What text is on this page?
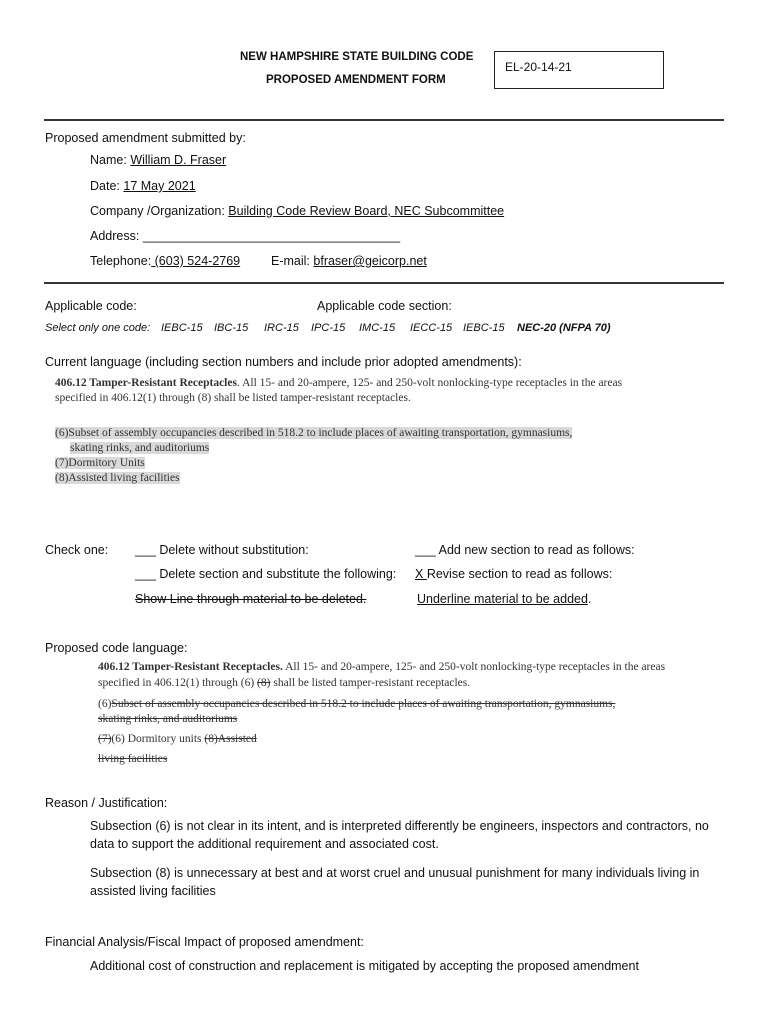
NEW HAMPSHIRE STATE BUILDING CODE
PROPOSED AMENDMENT FORM
EL-20-14-21
Proposed amendment submitted by:
Name: William D. Fraser
Date: 17 May 2021
Company /Organization: Building Code Review Board, NEC Subcommittee
Address: _____________________________________
Telephone: (603) 524-2769 E-mail: bfraser@geicorp.net
Applicable code:	Applicable code section:
Select only one code: IEBC-15 IBC-15 IRC-15 IPC-15 IMC-15 IECC-15 IEBC-15 NEC-20 (NFPA 70)
Current language (including section numbers and include prior adopted amendments):
406.12 Tamper-Resistant Receptacles. All 15- and 20-ampere, 125- and 250-volt nonlocking-type receptacles in the areas
specified in 406.12(1) through (8) shall be listed tamper-resistant receptacles.
(6)Subset of assembly occupancies described in 518.2 to include places of awaiting transportation, gymnasiums,
skating rinks, and auditoriums
(7)Dormitory Units
(8)Assisted living facilities
Check one: ___ Delete without substitution:	___ Add new section to read as follows:
___ Delete section and substitute the following: X Revise section to read as follows:
Show Line through material to be deleted.	Underline material to be added.
Proposed code language:
406.12 Tamper-Resistant Receptacles. All 15- and 20-ampere, 125- and 250-volt nonlocking-type receptacles in the areas
specified in 406.12(1) through (6) (8) shall be listed tamper-resistant receptacles.
(6)Subset of assembly occupancies described in 518.2 to include places of awaiting transportation, gymnasiums,
skating rinks, and auditoriums
(7)(6) Dormitory units (8)Assisted
living facilities
Reason / Justification:
Subsection (6) is not clear in its intent, and is interpreted differently be engineers, inspectors and contractors, no data to support the additional requirement and associated cost.
Subsection (8) is unnecessary at best and at worst cruel and unusual punishment for many individuals living in assisted living facilities
Financial Analysis/Fiscal Impact of proposed amendment:
Additional cost of construction and replacement is mitigated by accepting the proposed amendment
